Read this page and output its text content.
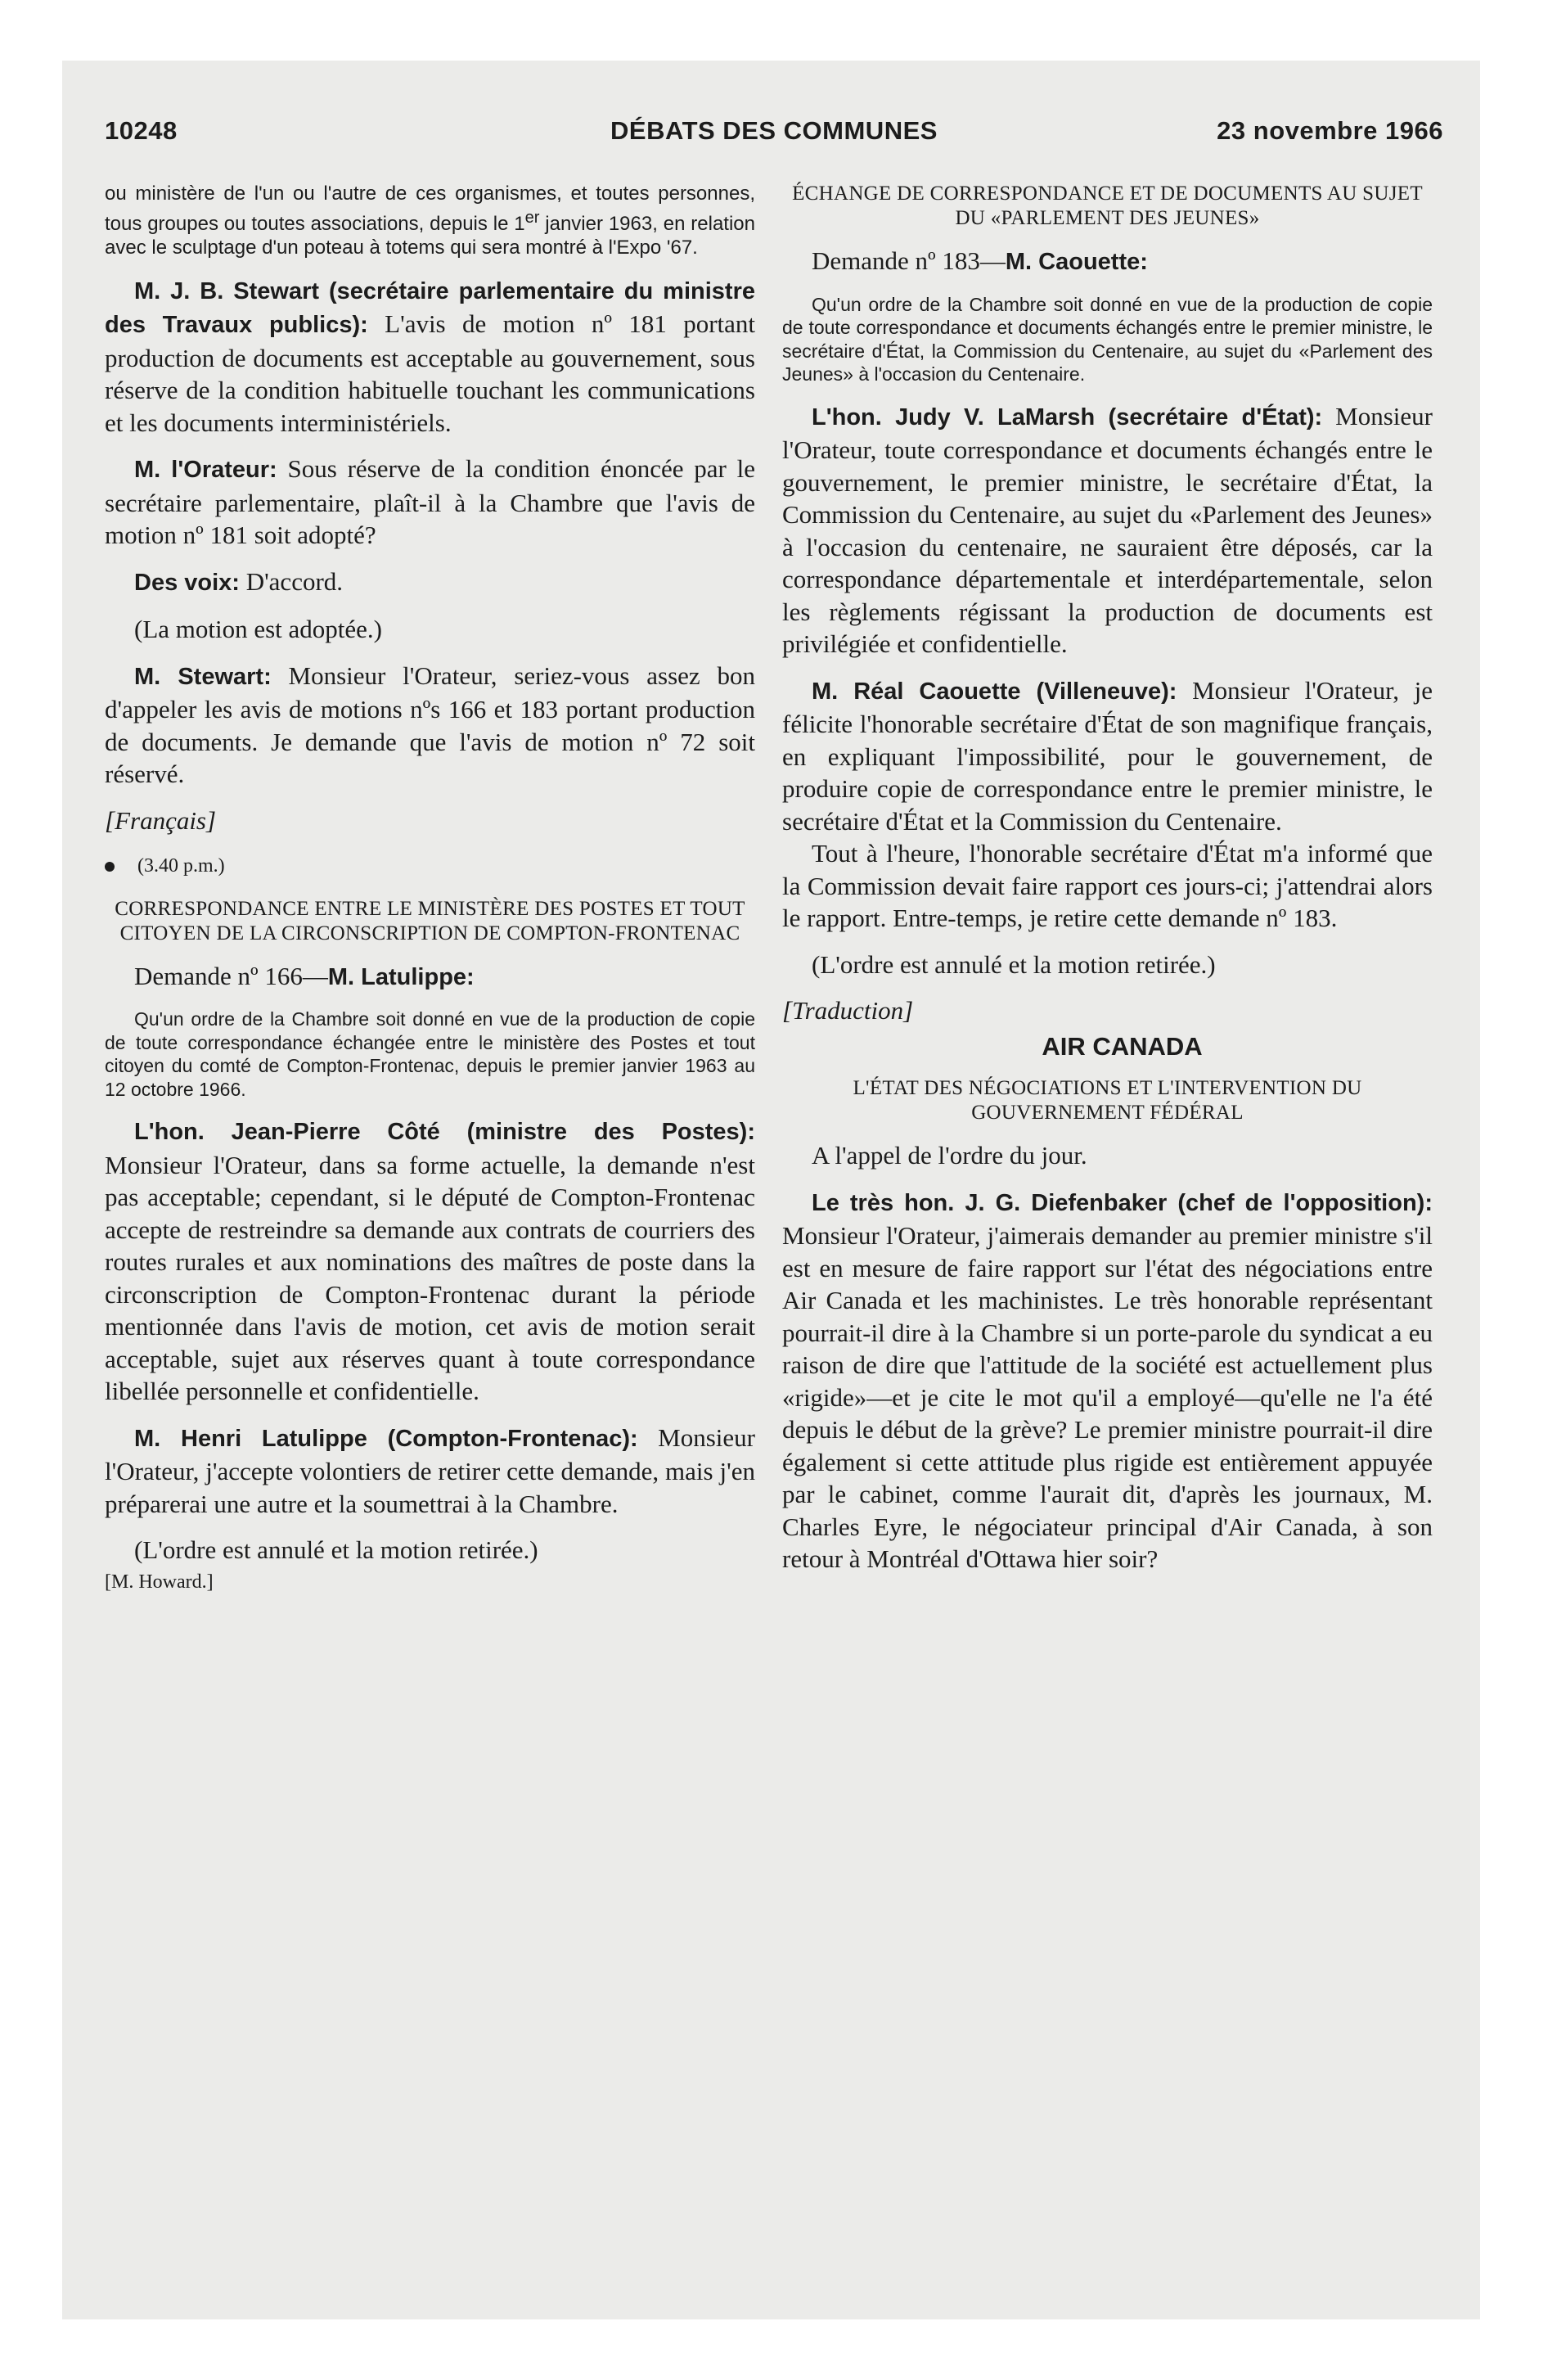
10248	DÉBATS DES COMMUNES	23 novembre 1966

ou ministère de l'un ou l'autre de ces organismes, et toutes personnes, tous groupes ou toutes associations, depuis le 1er janvier 1963, en relation avec le sculptage d'un poteau à totems qui sera montré à l'Expo '67.

M. J. B. Stewart (secrétaire parlementaire du ministre des Travaux publics): L'avis de motion nº 181 portant production de documents est acceptable au gouvernement, sous réserve de la condition habituelle touchant les communications et les documents interministériels.

M. l'Orateur: Sous réserve de la condition énoncée par le secrétaire parlementaire, plaît-il à la Chambre que l'avis de motion nº 181 soit adopté?

Des voix: D'accord.

(La motion est adoptée.)

M. Stewart: Monsieur l'Orateur, seriez-vous assez bon d'appeler les avis de motions nºs 166 et 183 portant production de documents. Je demande que l'avis de motion nº 72 soit réservé.

[Français]

(3.40 p.m.)

CORRESPONDANCE ENTRE LE MINISTÈRE DES POSTES ET TOUT CITOYEN DE LA CIRCONSCRIPTION DE COMPTON-FRONTENAC

Demande nº 166—M. Latulippe:

Qu'un ordre de la Chambre soit donné en vue de la production de copie de toute correspondance échangée entre le ministère des Postes et tout citoyen du comté de Compton-Frontenac, depuis le premier janvier 1963 au 12 octobre 1966.

L'hon. Jean-Pierre Côté (ministre des Postes): Monsieur l'Orateur, dans sa forme actuelle, la demande n'est pas acceptable; cependant, si le député de Compton-Frontenac accepte de restreindre sa demande aux contrats de courriers des routes rurales et aux nominations des maîtres de poste dans la circonscription de Compton-Frontenac durant la période mentionnée dans l'avis de motion, cet avis de motion serait acceptable, sujet aux réserves quant à toute correspondance libellée personnelle et confidentielle.

M. Henri Latulippe (Compton-Frontenac): Monsieur l'Orateur, j'accepte volontiers de retirer cette demande, mais j'en préparerai une autre et la soumettrai à la Chambre.

(L'ordre est annulé et la motion retirée.)

[M. Howard.]

ÉCHANGE DE CORRESPONDANCE ET DE DOCUMENTS AU SUJET DU «PARLEMENT DES JEUNES»

Demande nº 183—M. Caouette:

Qu'un ordre de la Chambre soit donné en vue de la production de copie de toute correspondance et documents échangés entre le premier ministre, le secrétaire d'État, la Commission du Centenaire, au sujet du «Parlement des Jeunes» à l'occasion du Centenaire.

L'hon. Judy V. LaMarsh (secrétaire d'État): Monsieur l'Orateur, toute correspondance et documents échangés entre le gouvernement, le premier ministre, le secrétaire d'État, la Commission du Centenaire, au sujet du «Parlement des Jeunes» à l'occasion du centenaire, ne sauraient être déposés, car la correspondance départementale et interdépartementale, selon les règlements régissant la production de documents est privilégiée et confidentielle.

M. Réal Caouette (Villeneuve): Monsieur l'Orateur, je félicite l'honorable secrétaire d'État de son magnifique français, en expliquant l'impossibilité, pour le gouvernement, de produire copie de correspondance entre le premier ministre, le secrétaire d'État et la Commission du Centenaire.

Tout à l'heure, l'honorable secrétaire d'État m'a informé que la Commission devait faire rapport ces jours-ci; j'attendrai alors le rapport. Entre-temps, je retire cette demande nº 183.

(L'ordre est annulé et la motion retirée.)

[Traduction]

AIR CANADA

L'ÉTAT DES NÉGOCIATIONS ET L'INTERVENTION DU GOUVERNEMENT FÉDÉRAL

A l'appel de l'ordre du jour.

Le très hon. J. G. Diefenbaker (chef de l'opposition): Monsieur l'Orateur, j'aimerais demander au premier ministre s'il est en mesure de faire rapport sur l'état des négociations entre Air Canada et les machinistes. Le très honorable représentant pourrait-il dire à la Chambre si un porte-parole du syndicat a eu raison de dire que l'attitude de la société est actuellement plus «rigide»—et je cite le mot qu'il a employé—qu'elle ne l'a été depuis le début de la grève? Le premier ministre pourrait-il dire également si cette attitude plus rigide est entièrement appuyée par le cabinet, comme l'aurait dit, d'après les journaux, M. Charles Eyre, le négociateur principal d'Air Canada, à son retour à Montréal d'Ottawa hier soir?
